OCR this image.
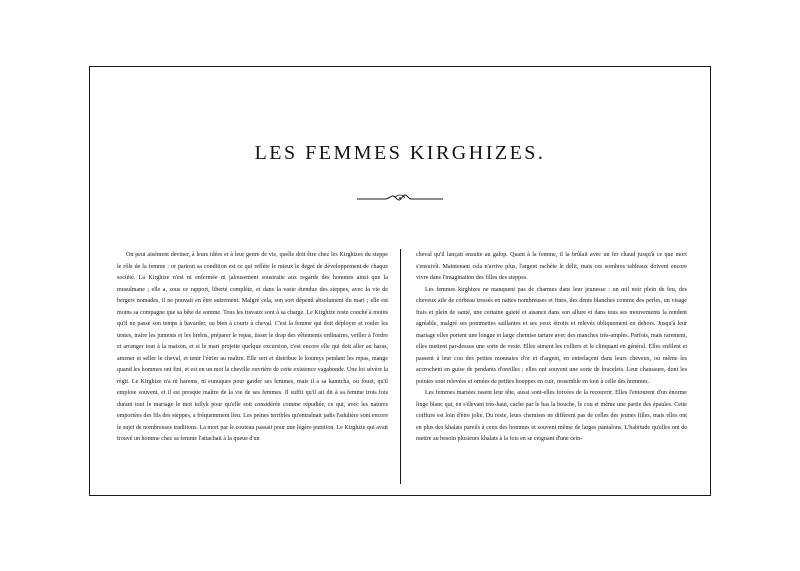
LES FEMMES KIRGHIZES.

On peut aisément deviner, à leurs idées et à leur genre de vie, quelle doit être chez les Kirghizes du steppe le rôle de la femme : or partout sa condition est ce qui reflète le mieux le degré de développement de chaque société. La Kirghize n'est ni enfermée ni jalousement soustraite aux regards des hommes ainsi que la musulmane ; elle a, sous ce rapport, liberté complète, et dans la vaste étendue des steppes, avec la vie de bergers nomades, il ne pouvait en être autrement. Malgré cela, son sort dépend absolument du mari ; elle est moins sa compagne que sa bête de somme. Tous les travaux sont à sa charge. Le Kirghize reste couché à moins qu'il ne passe son temps à bavarder, ou bien à courir à cheval. C'est la femme qui doit déployer et rouler les tentes, traire les juments et les brebis, préparer le repas, tisser le drap des vêtements ordinaires, veiller à l'ordre et arranger tout à la maison, et si le mari projette quelque excursion, c'est encore elle qui doit aller au haras, amener et seller le cheval, et tenir l'étrier au maître. Elle sert et distribue le koumys pendant les repas, mange quand les hommes ont fini, et est en un mot la cheville ouvrière de cette existence vagabonde. Une loi sévère la régit. Le Kirghize n'a ni harems, ni eunuques pour garder ses femmes, mais il a sa kamtcha, ou fouet, qu'il emploie souvent, et il est presque maître de la vie de ses femmes. Il suffit qu'il ait dit à sa femme trois fois durant tout le mariage le mot tollyk pour qu'elle soit considérée comme répudiée, ce qui, avec les natures emportées des fils des steppes, a fréquemment lieu. Les peines terribles qu'entraînait jadis l'adultère sont encore le sujet de nombreuses traditions. La mort par le couteau passait pour une légère punition. Le Kirghize qui avait trouvé un homme chez sa femme l'attachait à la queue d'un

cheval qu'il lançait ensuite au galop. Quant à la femme, il la brûlait avec un fer chaud jusqu'à ce que mort s'ensuivît. Maintenant cela n'arrive plus, l'argent rachète le délit, mais ces sombres tableaux doivent encore vivre dans l'imagination des filles des steppes.

Les femmes kirghizes ne manquent pas de charmes dans leur jeunesse : un œil noir plein de feu, des cheveux aile de corbeau tressés en nattes nombreuses et fines, des dents blanches comme des perles, un visage frais et plein de santé, une certaine gaieté et aisance dans son allure et dans tous ses mouvements la rendent agréable, malgré ses pommettes saillantes et ses yeux étroits et relevés obliquement en dehors. Jusqu'à leur mariage elles portent une longue et large chemise tartare avec des manches très-amples. Parfois, mais rarement, elles mettent par-dessus une sorte de veste. Elles aiment les colliers et le clinquant en général. Elles enfilent et passent à leur cou des petites monnaies d'or et d'argent, en entrelaçent dans leurs cheveux, ou même les accrochent en guise de pendants d'oreilles ; elles ont souvent une sorte de bracelets. Leur chaussure, dont les pointes sont relevées et ornées de petites houppes en cuir, ressemble en tout à celle des hommes.

Les femmes mariées rasent leur tête, aussi sont-elles forcées de la recouvrir. Elles l'entourent d'un énorme linge blanc qui, en s'élevant très-haut, cache par le bas la bouche, le cou et même une partie des épaules. Cette coiffure est loin d'être jolie. Du reste, leurs chemises ne diffèrent pas de celles des jeunes filles, mais elles ont en plus des khalats pareils à ceux des hommes et souvent même de larges pantalons. L'habitude qu'elles ont de mettre au besoin plusieurs khalats à la fois en se ceignant d'une cein-
